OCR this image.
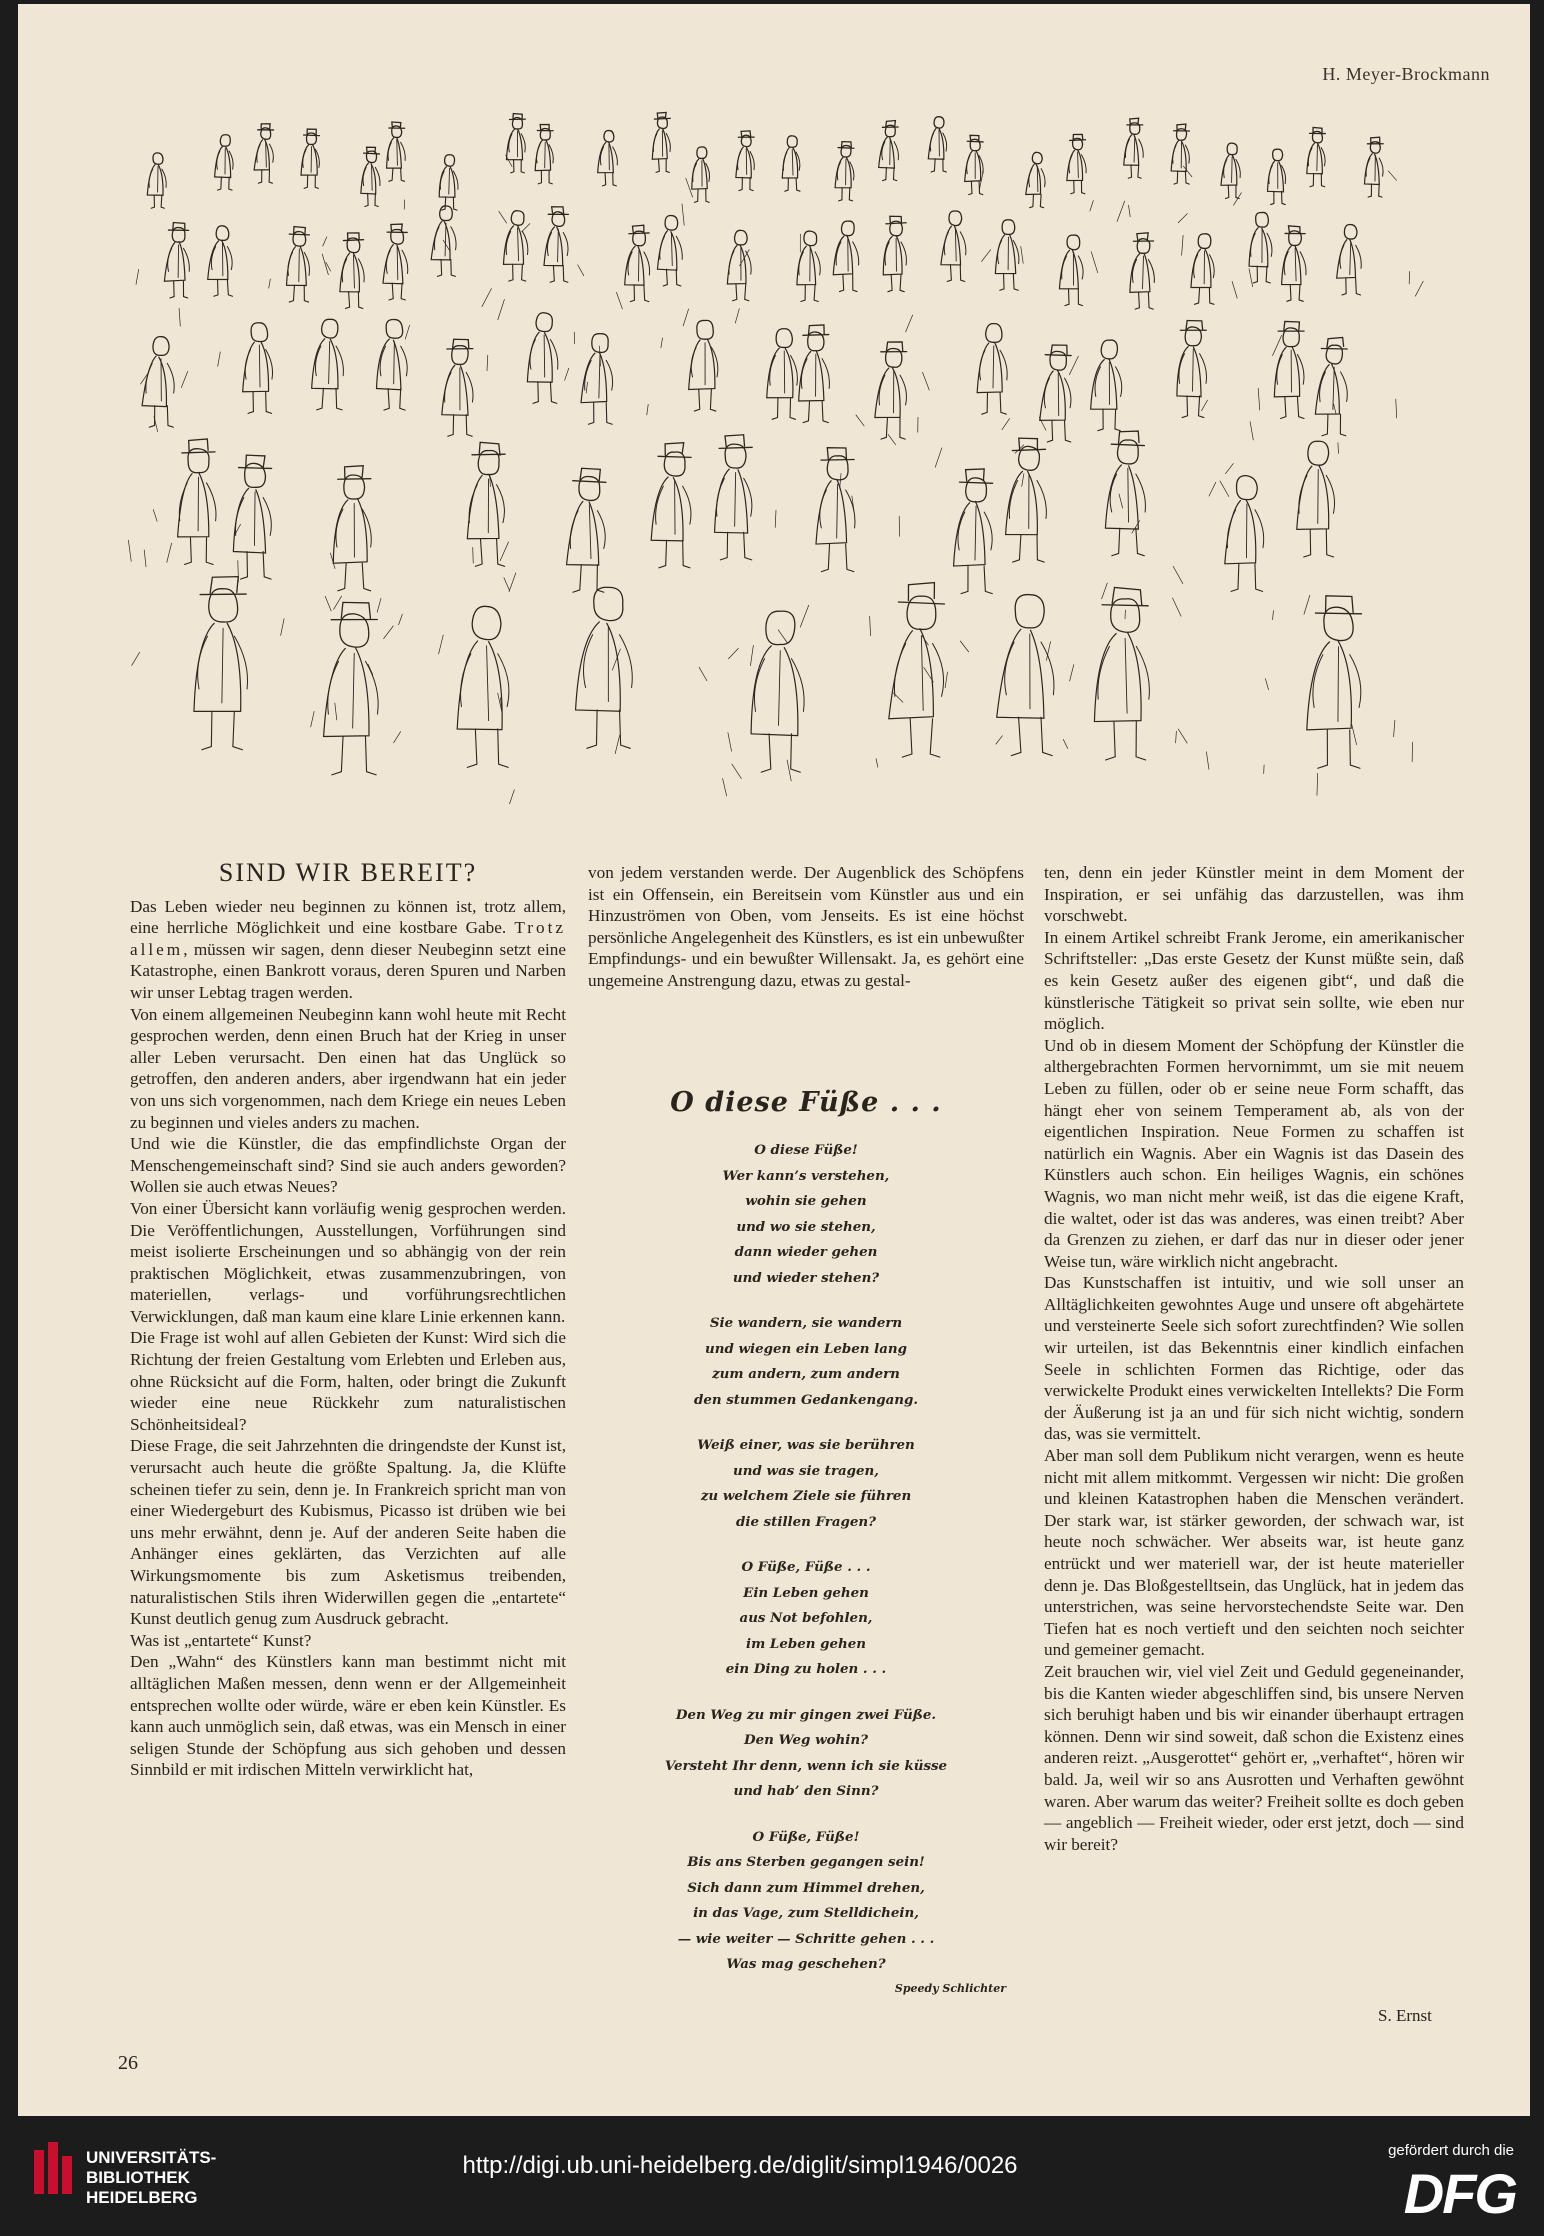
H. Meyer-Brockmann
SIND WIR BEREIT?

Das Leben wieder neu beginnen zu können ist, trotz allem, eine herrliche Möglichkeit und eine kostbare Gabe. Trotz allem, müssen wir sagen, denn dieser Neubeginn setzt eine Katastrophe, einen Bankrott voraus, deren Spuren und Narben wir unser Lebtag tragen werden.

Von einem allgemeinen Neubeginn kann wohl heute mit Recht gesprochen werden, denn einen Bruch hat der Krieg in unser aller Leben verursacht. Den einen hat das Unglück so getroffen, den anderen anders, aber irgendwann hat ein jeder von uns sich vorgenommen, nach dem Kriege ein neues Leben zu beginnen und vieles anders zu machen.

Und wie die Künstler, die das empfindlichste Organ der Menschengemeinschaft sind? Sind sie auch anders geworden? Wollen sie auch etwas Neues?

Von einer Übersicht kann vorläufig wenig gesprochen werden. Die Veröffentlichungen, Ausstellungen, Vorführungen sind meist isolierte Erscheinungen und so abhängig von der rein praktischen Möglichkeit, etwas zusammenzubringen, von materiellen, verlags- und vorführungsrechtlichen Verwicklungen, daß man kaum eine klare Linie erkennen kann.

Die Frage ist wohl auf allen Gebieten der Kunst: Wird sich die Richtung der freien Gestaltung vom Erlebten und Erleben aus, ohne Rücksicht auf die Form, halten, oder bringt die Zukunft wieder eine neue Rückkehr zum naturalistischen Schönheitsideal?

Diese Frage, die seit Jahrzehnten die dringendste der Kunst ist, verursacht auch heute die größte Spaltung. Ja, die Klüfte scheinen tiefer zu sein, denn je. In Frankreich spricht man von einer Wiedergeburt des Kubismus, Picasso ist drüben wie bei uns mehr erwähnt, denn je. Auf der anderen Seite haben die Anhänger eines geklärten, das Verzichten auf alle Wirkungsmomente bis zum Asketismus treibenden, naturalistischen Stils ihren Widerwillen gegen die „entartete“ Kunst deutlich genug zum Ausdruck gebracht.

Was ist „entartete“ Kunst?

Den „Wahn“ des Künstlers kann man bestimmt nicht mit alltäglichen Maßen messen, denn wenn er der Allgemeinheit entsprechen wollte oder würde, wäre er eben kein Künstler. Es kann auch unmöglich sein, daß etwas, was ein Mensch in einer seligen Stunde der Schöpfung aus sich gehoben und dessen Sinnbild er mit irdischen Mitteln verwirklicht hat,

von jedem verstanden werde. Der Augenblick des Schöpfens ist ein Offensein, ein Bereitsein vom Künstler aus und ein Hinzuströmen von Oben, vom Jenseits. Es ist eine höchst persönliche Angelegenheit des Künstlers, es ist ein unbewußter Empfindungs- und ein bewußter Willensakt. Ja, es gehört eine ungemeine Anstrengung dazu, etwas zu gestal-

O diese Füße . . .
O diese Füße!
Wer kann’s verstehen,
wohin sie gehen
und wo sie stehen,
dann wieder gehen
und wieder stehen?
Sie wandern, sie wandern
und wiegen ein Leben lang
zum andern, zum andern
den stummen Gedankengang.
Weiß einer, was sie berühren
und was sie tragen,
zu welchem Ziele sie führen
die stillen Fragen?
O Füße, Füße . . .
Ein Leben gehen
aus Not befohlen,
im Leben gehen
ein Ding zu holen . . .
Den Weg zu mir gingen zwei Füße.
Den Weg wohin?
Versteht Ihr denn, wenn ich sie küsse
und hab’ den Sinn?
O Füße, Füße!
Bis ans Sterben gegangen sein!
Sich dann zum Himmel drehen,
in das Vage, zum Stelldichein,
— wie weiter — Schritte gehen . . .
Was mag geschehen?
Speedy Schlichter

ten, denn ein jeder Künstler meint in dem Moment der Inspiration, er sei unfähig das darzustellen, was ihm vorschwebt.

In einem Artikel schreibt Frank Jerome, ein amerikanischer Schriftsteller: „Das erste Gesetz der Kunst müßte sein, daß es kein Gesetz außer des eigenen gibt“, und daß die künstlerische Tätigkeit so privat sein sollte, wie eben nur möglich.

Und ob in diesem Moment der Schöpfung der Künstler die althergebrachten Formen hervornimmt, um sie mit neuem Leben zu füllen, oder ob er seine neue Form schafft, das hängt eher von seinem Temperament ab, als von der eigentlichen Inspiration. Neue Formen zu schaffen ist natürlich ein Wagnis. Aber ein Wagnis ist das Dasein des Künstlers auch schon. Ein heiliges Wagnis, ein schönes Wagnis, wo man nicht mehr weiß, ist das die eigene Kraft, die waltet, oder ist das was anderes, was einen treibt? Aber da Grenzen zu ziehen, er darf das nur in dieser oder jener Weise tun, wäre wirklich nicht angebracht.

Das Kunstschaffen ist intuitiv, und wie soll unser an Alltäglichkeiten gewohntes Auge und unsere oft abgehärtete und versteinerte Seele sich sofort zurechtfinden? Wie sollen wir urteilen, ist das Bekenntnis einer kindlich einfachen Seele in schlichten Formen das Richtige, oder das verwickelte Produkt eines verwickelten Intellekts? Die Form der Äußerung ist ja an und für sich nicht wichtig, sondern das, was sie vermittelt.

Aber man soll dem Publikum nicht verargen, wenn es heute nicht mit allem mitkommt. Vergessen wir nicht: Die großen und kleinen Katastrophen haben die Menschen verändert. Der stark war, ist stärker geworden, der schwach war, ist heute noch schwächer. Wer abseits war, ist heute ganz entrückt und wer materiell war, der ist heute materieller denn je. Das Bloßgestelltsein, das Unglück, hat in jedem das unterstrichen, was seine hervorstechendste Seite war. Den Tiefen hat es noch vertieft und den seichten noch seichter und gemeiner gemacht.

Zeit brauchen wir, viel viel Zeit und Geduld gegeneinander, bis die Kanten wieder abgeschliffen sind, bis unsere Nerven sich beruhigt haben und bis wir einander überhaupt ertragen können. Denn wir sind soweit, daß schon die Existenz eines anderen reizt. „Ausgerottet“ gehört er, „verhaftet“, hören wir bald. Ja, weil wir so ans Ausrotten und Verhaften gewöhnt waren. Aber warum das weiter? Freiheit sollte es doch geben — angeblich — Freiheit wieder, oder erst jetzt, doch — sind wir bereit?

S. Ernst
26
UNIVERSITÄTS-
BIBLIOTHEK
HEIDELBERG
http://digi.ub.uni-heidelberg.de/diglit/simpl1946/0026
gefördert durch die
DFG
